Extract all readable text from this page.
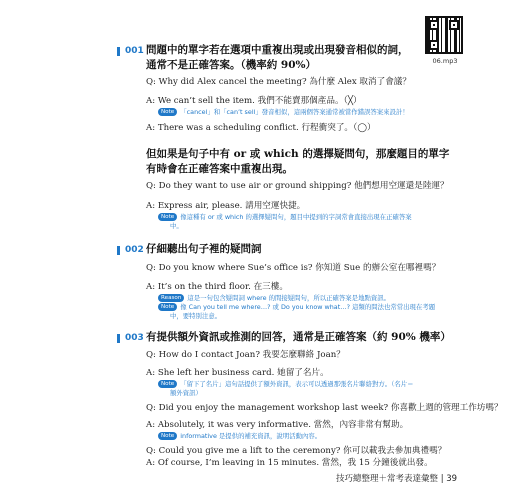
06.mp3
001 問題中的單字若在選項中重複出現或出現發音相似的詞，
通常不是正確答案。（機率約 90%）
Q: Why did Alex cancel the meeting? 為什麼 Alex 取消了會議？
A: We can’t sell the item. 我們不能賣那個產品。（╳）
Note 「cancel」和「can’t sell」發音相似，這兩個答案通常被當作錯誤答案來設計！
A: There was a scheduling conflict. 行程衝突了。（◯）
但如果是句子中有 or 或 which 的選擇疑問句，那麼題目的單字
有時會在正確答案中重複出現。
Q: Do they want to use air or ground shipping? 他們想用空運還是陸運？
A: Express air, please. 請用空運快捷。
Note 像這種有 or 或 which 的選擇疑問句，題目中提到的字詞常會直接出現在正確答案
中。
002 仔細聽出句子裡的疑問詞
Q: Do you know where Sue’s office is? 你知道 Sue 的辦公室在哪裡嗎？
A: It’s on the third floor. 在三樓。
Reason 這是一句包含疑問詞 where 的間接疑問句，所以正確答案是地點資訊。
Note 像 Can you tell me where…? 或 Do you know what…? 這類的問法也常常出現在考題
中，要特別注意。
003 有提供額外資訊或推測的回答，通常是正確答案（約 90% 機率）
Q: How do I contact Joan? 我要怎麼聯絡 Joan？
A: She left her business card. 她留了名片。
Note 「留下了名片」這句話提供了額外資訊，表示可以透過那張名片聯絡對方。（名片＝
額外資訊）
Q: Did you enjoy the management workshop last week? 你喜歡上週的管理工作坊嗎？
A: Absolutely, it was very informative. 當然，內容非常有幫助。
Note informative 是提供的補充資訊，說明活動內容。
Q: Could you give me a lift to the ceremony? 你可以載我去參加典禮嗎？
A: Of course, I’m leaving in 15 minutes. 當然，我 15 分鐘後就出發。
技巧總整理＋常考表達彙整 | 39
